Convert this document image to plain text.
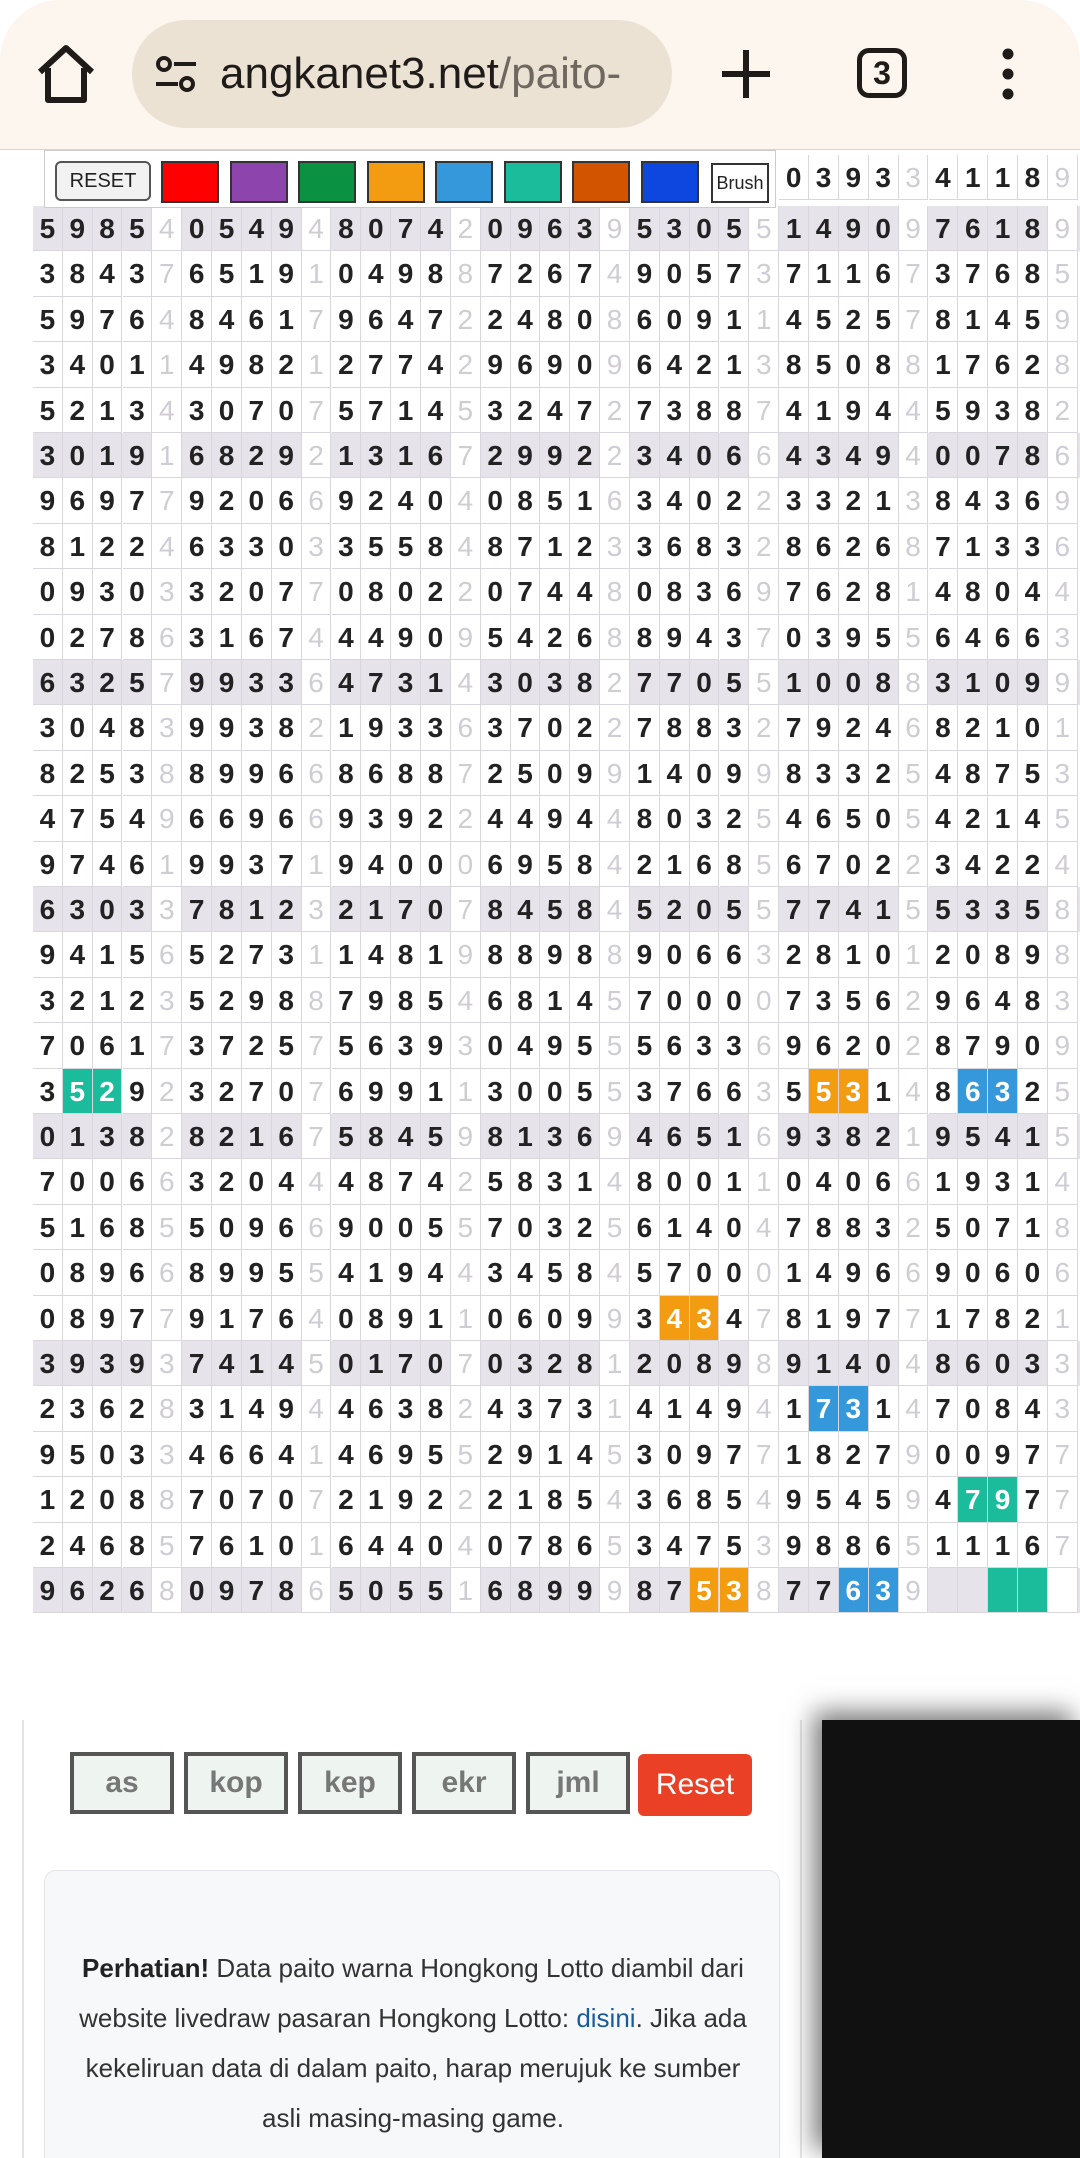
angkanet3.net/paito-	3
0 3 9 3 3 4 1 1 8 9
5 9 8 5 4 0 5 4 9 4 8 0 7 4 2 0 9 6 3 9 5 3 0 5 5 1 4 9 0 9 7 6 1 8 9
3 8 4 3 7 6 5 1 9 1 0 4 9 8 8 7 2 6 7 4 9 0 5 7 3 7 1 1 6 7 3 7 6 8 5
5 9 7 6 4 8 4 6 1 7 9 6 4 7 2 2 4 8 0 8 6 0 9 1 1 4 5 2 5 7 8 1 4 5 9
3 4 0 1 1 4 9 8 2 1 2 7 7 4 2 9 6 9 0 9 6 4 2 1 3 8 5 0 8 8 1 7 6 2 8
5 2 1 3 4 3 0 7 0 7 5 7 1 4 5 3 2 4 7 2 7 3 8 8 7 4 1 9 4 4 5 9 3 8 2
3 0 1 9 1 6 8 2 9 2 1 3 1 6 7 2 9 9 2 2 3 4 0 6 6 4 3 4 9 4 0 0 7 8 6
9 6 9 7 7 9 2 0 6 6 9 2 4 0 4 0 8 5 1 6 3 4 0 2 2 3 3 2 1 3 8 4 3 6 9
8 1 2 2 4 6 3 3 0 3 3 5 5 8 4 8 7 1 2 3 3 6 8 3 2 8 6 2 6 8 7 1 3 3 6
0 9 3 0 3 3 2 0 7 7 0 8 0 2 2 0 7 4 4 8 0 8 3 6 9 7 6 2 8 1 4 8 0 4 4
0 2 7 8 6 3 1 6 7 4 4 4 9 0 9 5 4 2 6 8 8 9 4 3 7 0 3 9 5 5 6 4 6 6 3
6 3 2 5 7 9 9 3 3 6 4 7 3 1 4 3 0 3 8 2 7 7 0 5 5 1 0 0 8 8 3 1 0 9 9
3 0 4 8 3 9 9 3 8 2 1 9 3 3 6 3 7 0 2 2 7 8 8 3 2 7 9 2 4 6 8 2 1 0 1
8 2 5 3 8 8 9 9 6 6 8 6 8 8 7 2 5 0 9 9 1 4 0 9 9 8 3 3 2 5 4 8 7 5 3
4 7 5 4 9 6 6 9 6 6 9 3 9 2 2 4 4 9 4 4 8 0 3 2 5 4 6 5 0 5 4 2 1 4 5
9 7 4 6 1 9 9 3 7 1 9 4 0 0 0 6 9 5 8 4 2 1 6 8 5 6 7 0 2 2 3 4 2 2 4
6 3 0 3 3 7 8 1 2 3 2 1 7 0 7 8 4 5 8 4 5 2 0 5 5 7 7 4 1 5 5 3 3 5 8
9 4 1 5 6 5 2 7 3 1 1 4 8 1 9 8 8 9 8 8 9 0 6 6 3 2 8 1 0 1 2 0 8 9 8
3 2 1 2 3 5 2 9 8 8 7 9 8 5 4 6 8 1 4 5 7 0 0 0 0 7 3 5 6 2 9 6 4 8 3
7 0 6 1 7 3 7 2 5 7 5 6 3 9 3 0 4 9 5 5 5 6 3 3 6 9 6 2 0 2 8 7 9 0 9
3 5 2 9 2 3 2 7 0 7 6 9 9 1 1 3 0 0 5 5 3 7 6 6 3 5 5 3 1 4 8 6 3 2 5
0 1 3 8 2 8 2 1 6 7 5 8 4 5 9 8 1 3 6 9 4 6 5 1 6 9 3 8 2 1 9 5 4 1 5
7 0 0 6 6 3 2 0 4 4 4 8 7 4 2 5 8 3 1 4 8 0 0 1 1 0 4 0 6 6 1 9 3 1 4
5 1 6 8 5 5 0 9 6 6 9 0 0 5 5 7 0 3 2 5 6 1 4 0 4 7 8 8 3 2 5 0 7 1 8
0 8 9 6 6 8 9 9 5 5 4 1 9 4 4 3 4 5 8 4 5 7 0 0 0 1 4 9 6 6 9 0 6 0 6
0 8 9 7 7 9 1 7 6 4 0 8 9 1 1 0 6 0 9 9 3 4 3 4 7 8 1 9 7 7 1 7 8 2 1
3 9 3 9 3 7 4 1 4 5 0 1 7 0 7 0 3 2 8 1 2 0 8 9 8 9 1 4 0 4 8 6 0 3 3
2 3 6 2 8 3 1 4 9 4 4 6 3 8 2 4 3 7 3 1 4 1 4 9 4 1 7 3 1 4 7 0 8 4 3
9 5 0 3 3 4 6 6 4 1 4 6 9 5 5 2 9 1 4 5 3 0 9 7 7 1 8 2 7 9 0 0 9 7 7
1 2 0 8 8 7 0 7 0 7 2 1 9 2 2 2 1 8 5 4 3 6 8 5 4 9 5 4 5 9 4 7 9 7 7
2 4 6 8 5 7 6 1 0 1 6 4 4 0 4 0 7 8 6 5 3 4 7 5 3 9 8 8 6 5 1 1 1 6 7
9 6 2 6 8 0 9 7 8 6 5 0 5 5 1 6 8 9 9 9 8 7 5 3 8 7 7 6 3 9
RESET	Brush
as	kop	kep	ekr	jml	Reset
Perhatian! Data paito warna Hongkong Lotto diambil dari website livedraw pasaran Hongkong Lotto: disini. Jika ada kekeliruan data di dalam paito, harap merujuk ke sumber asli masing-masing game.
